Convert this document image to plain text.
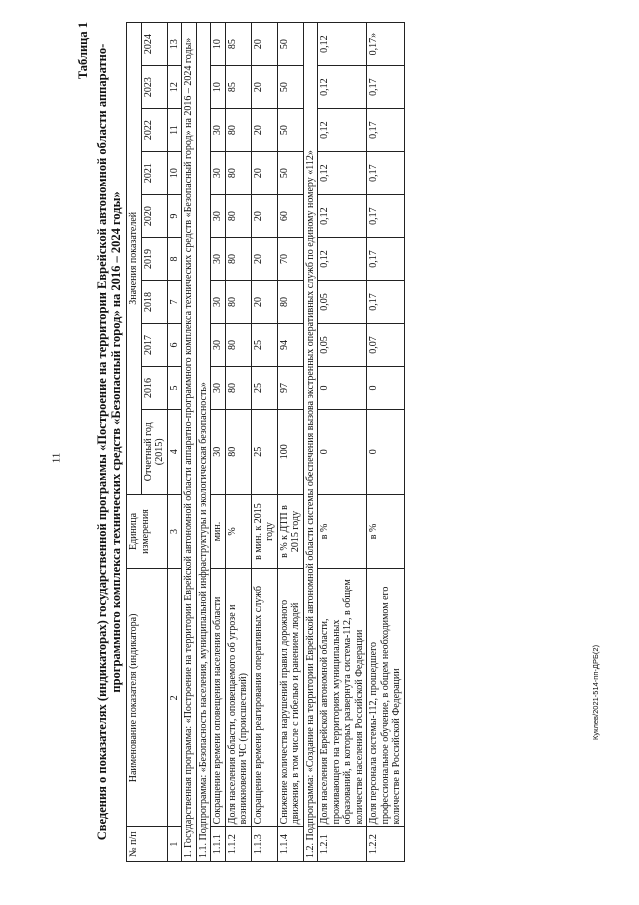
11
Куклев/2021-514-пп-ДРБ(2)
Таблица 1 Сведения о показателях (индикаторах) государственной программы «Построение на территории Еврейской автономной области аппаратно-программного комплекса технических средств «Безопасный город» на 2016 – 2024 годы»
№ п/п	Наименование показателя (индикатора)	Единица измерения	Значения показателей									
			Отчетный год (2015)	2016	2017	2018	2019	2020	2021	2022	2023	2024
1	2	3	4	5	6	7	8	9	10	11	12	13
1. Государственная программа: «Построение на территории Еврейской автономной области аппаратно-программного комплекса технических средств «Безопасный город» на 2016 – 2024 годы»												
1.1. Подпрограмма: «Безопасность населения, муниципальной инфраструктуры и экологическая безопасность»												
1.1.1	Сокращение времени оповещения населения области	мин.	30	30	30	30	30	30	30	30	10	10
1.1.2	Доля населения области, оповещаемого об угрозе и возникновении ЧС (происшествий)	%	80	80	80	80	80	80	80	80	85	85
1.1.3	Сокращение времени реагирования оперативных служб	в мин. к 2015 году	25	25	25	20	20	20	20	20	20	20
1.1.4	Снижение количества нарушений правил дорожного движения, в том числе с гибелью и ранением людей	в % к ДТП в 2015 году	100	97	94	80	70	60	50	50	50	50
1.2. Подпрограмма: «Создание на территории Еврейской автономной области системы обеспечения вызова экстренных оперативных служб по единому номеру «112»												
1.2.1	Доля населения Еврейской автономной области, проживающего на территориях муниципальных образований, в которых развернута система-112, в общем количестве населения Российской Федерации	в %	0	0	0,05	0,05	0,12	0,12	0,12	0,12	0,12	0,12
1.2.2	Доля персонала системы-112, прошедшего профессиональное обучение, в общем необходимом его количестве в Российской Федерации	в %	0	0	0,07	0,17	0,17	0,17	0,17	0,17	0,17	0,17»
